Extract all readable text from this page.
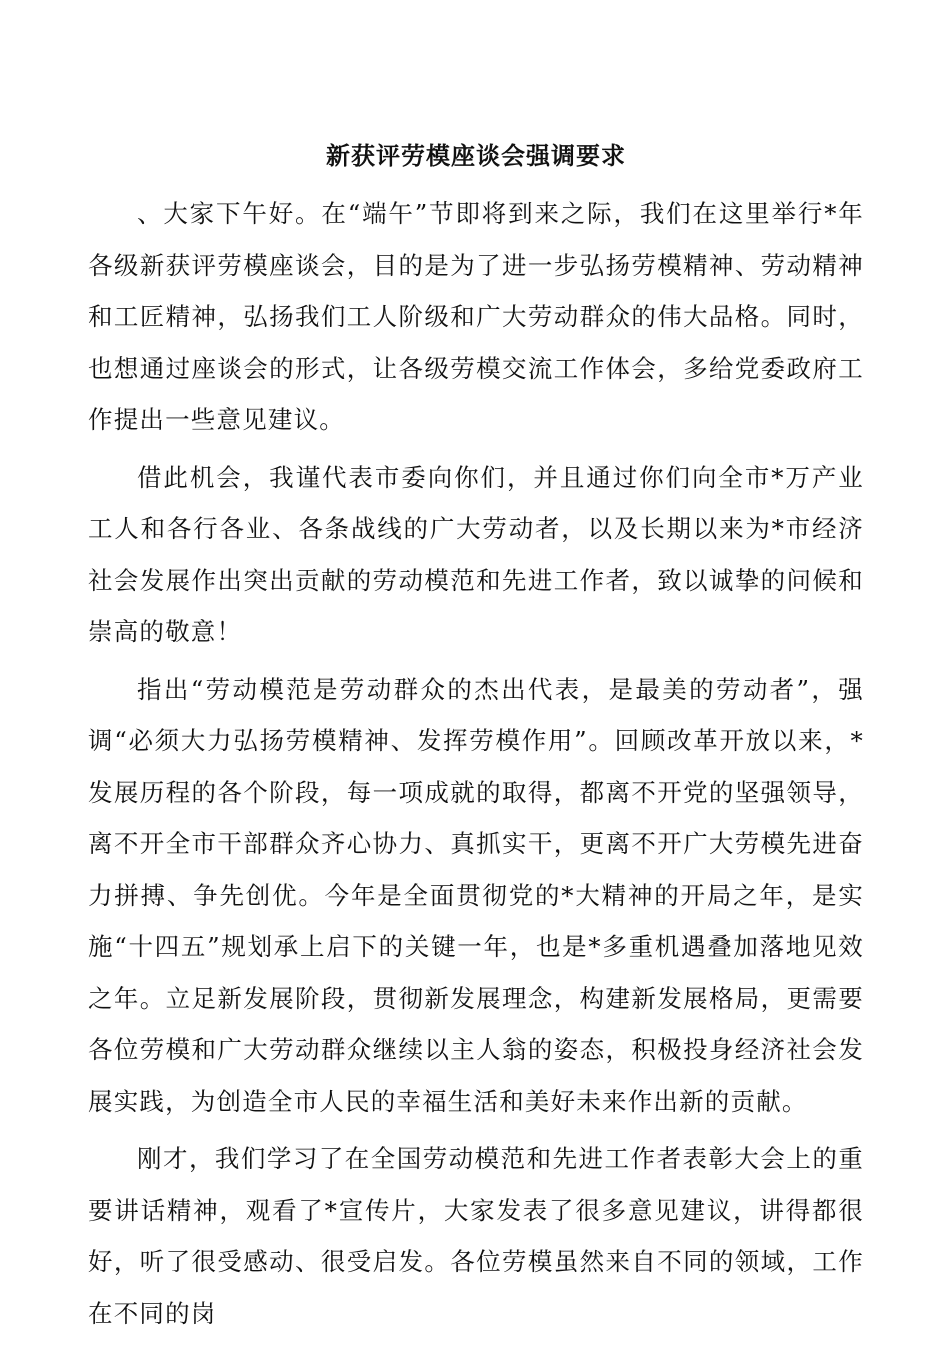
新获评劳模座谈会强调要求

、大家下午好。在“端午”节即将到来之际，我们在这里举行*年各级新获评劳模座谈会，目的是为了进一步弘扬劳模精神、劳动精神和工匠精神，弘扬我们工人阶级和广大劳动群众的伟大品格。同时，也想通过座谈会的形式，让各级劳模交流工作体会，多给党委政府工作提出一些意见建议。

借此机会，我谨代表市委向你们，并且通过你们向全市*万产业工人和各行各业、各条战线的广大劳动者，以及长期以来为*市经济社会发展作出突出贡献的劳动模范和先进工作者，致以诚挚的问候和崇高的敬意！

指出“劳动模范是劳动群众的杰出代表，是最美的劳动者”，强调“必须大力弘扬劳模精神、发挥劳模作用”。回顾改革开放以来，*发展历程的各个阶段，每一项成就的取得，都离不开党的坚强领导，离不开全市干部群众齐心协力、真抓实干，更离不开广大劳模先进奋力拼搏、争先创优。今年是全面贯彻党的*大精神的开局之年，是实施“十四五”规划承上启下的关键一年，也是*多重机遇叠加落地见效之年。立足新发展阶段，贯彻新发展理念，构建新发展格局，更需要各位劳模和广大劳动群众继续以主人翁的姿态，积极投身经济社会发展实践，为创造全市人民的幸福生活和美好未来作出新的贡献。

刚才，我们学习了在全国劳动模范和先进工作者表彰大会上的重要讲话精神，观看了*宣传片，大家发表了很多意见建议，讲得都很好，听了很受感动、很受启发。各位劳模虽然来自不同的领域，工作在不同的岗
